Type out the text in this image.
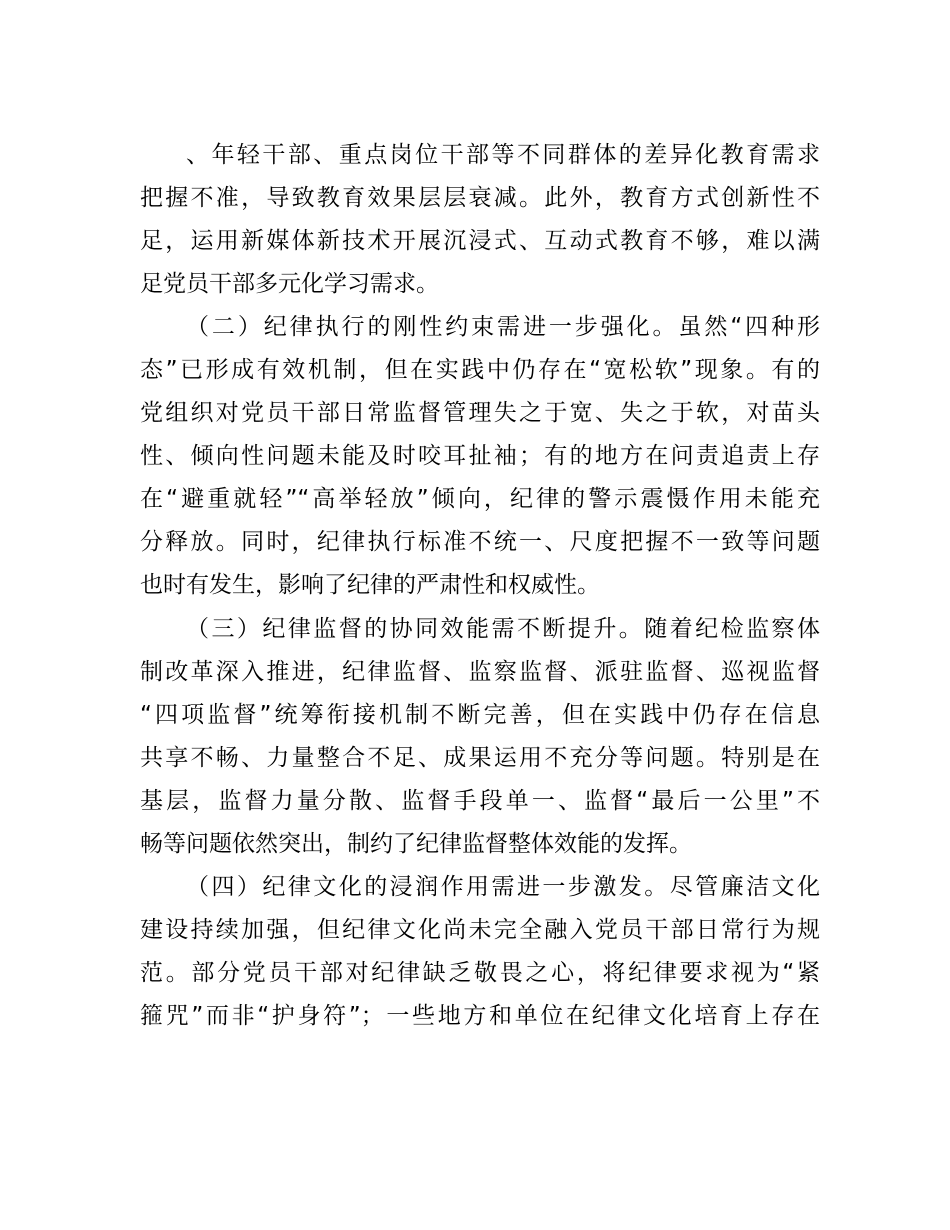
、年轻干部、重点岗位干部等不同群体的差异化教育需求
把握不准，导致教育效果层层衰减。此外，教育方式创新性不
足，运用新媒体新技术开展沉浸式、互动式教育不够，难以满
足党员干部多元化学习需求。
（二）纪律执行的刚性约束需进一步强化。虽然“四种形
态”已形成有效机制，但在实践中仍存在“宽松软”现象。有的
党组织对党员干部日常监督管理失之于宽、失之于软，对苗头
性、倾向性问题未能及时咬耳扯袖；有的地方在问责追责上存
在“避重就轻”“高举轻放”倾向，纪律的警示震慑作用未能充
分释放。同时，纪律执行标准不统一、尺度把握不一致等问题
也时有发生，影响了纪律的严肃性和权威性。
（三）纪律监督的协同效能需不断提升。随着纪检监察体
制改革深入推进，纪律监督、监察监督、派驻监督、巡视监督
“四项监督”统筹衔接机制不断完善，但在实践中仍存在信息
共享不畅、力量整合不足、成果运用不充分等问题。特别是在
基层，监督力量分散、监督手段单一、监督“最后一公里”不
畅等问题依然突出，制约了纪律监督整体效能的发挥。
（四）纪律文化的浸润作用需进一步激发。尽管廉洁文化
建设持续加强，但纪律文化尚未完全融入党员干部日常行为规
范。部分党员干部对纪律缺乏敬畏之心，将纪律要求视为“紧
箍咒”而非“护身符”；一些地方和单位在纪律文化培育上存在
